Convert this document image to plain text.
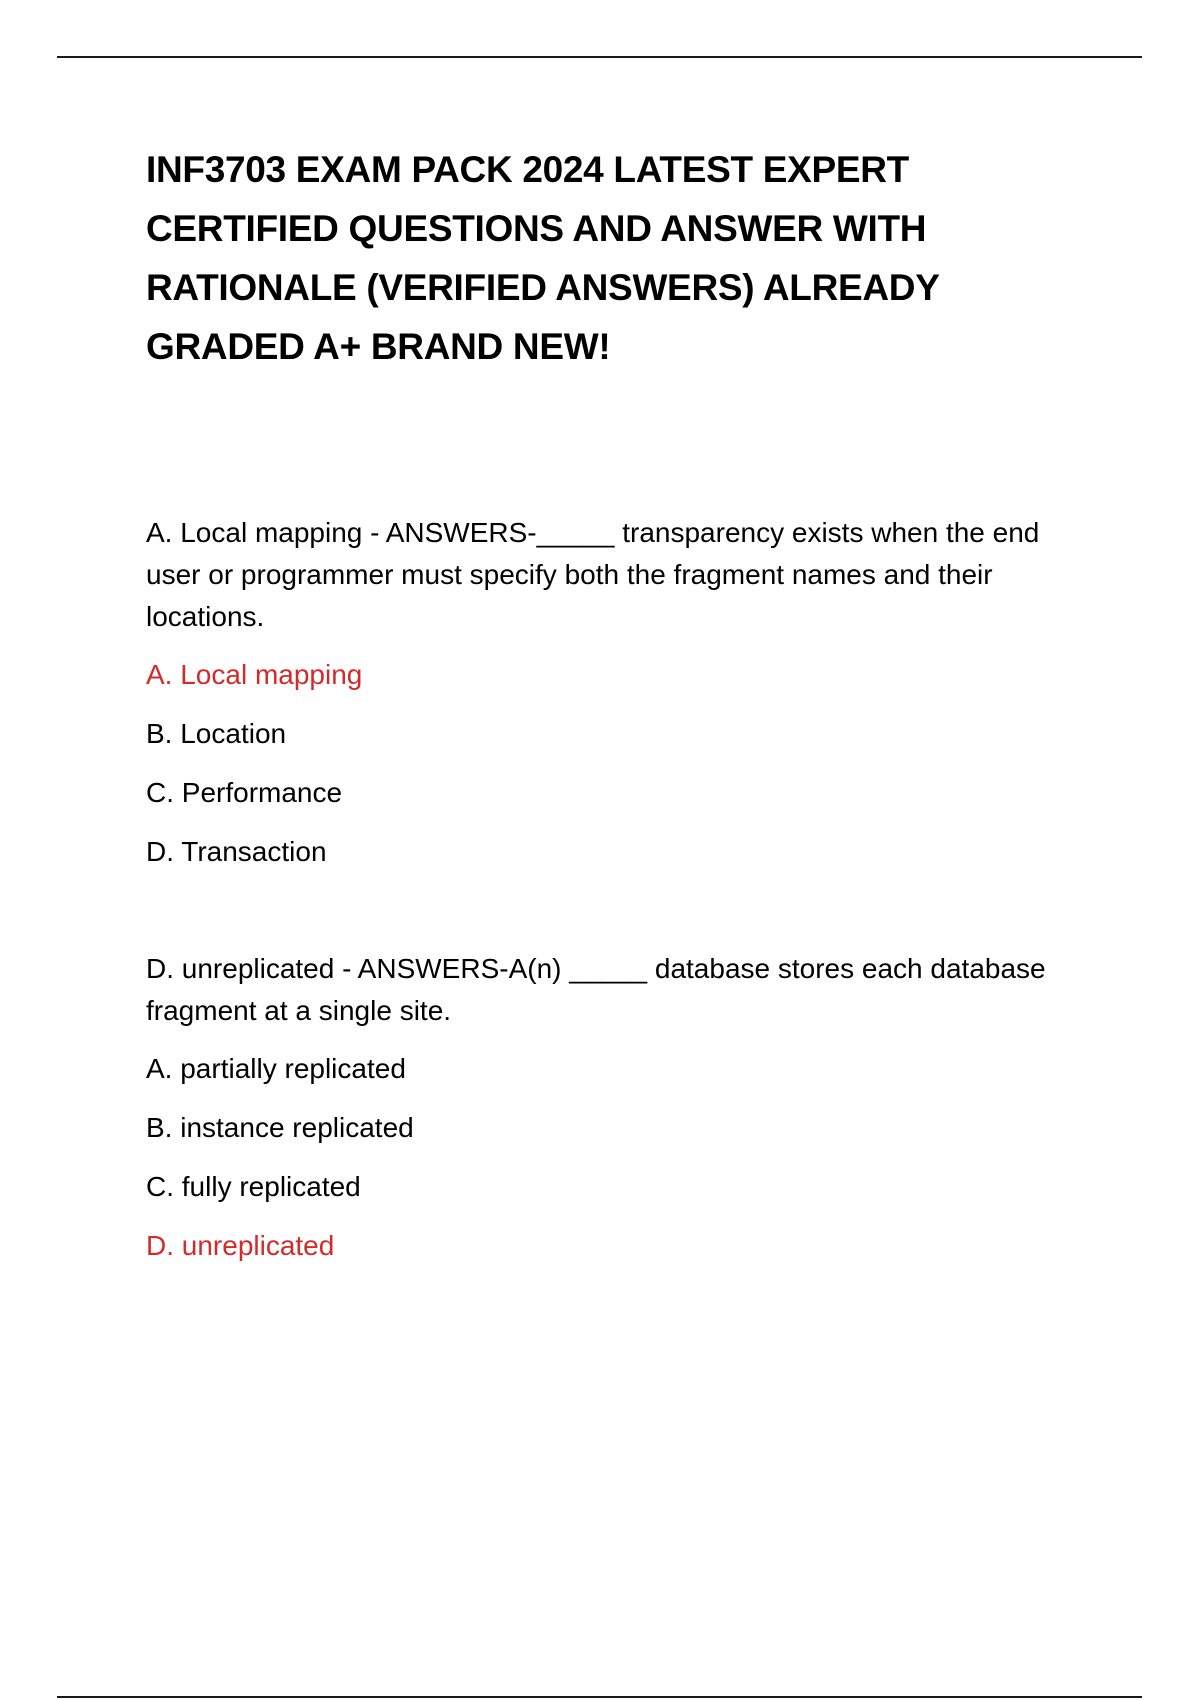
INF3703 EXAM PACK 2024 LATEST EXPERT CERTIFIED QUESTIONS AND ANSWER WITH RATIONALE (VERIFIED ANSWERS) ALREADY GRADED A+ BRAND NEW!

A. Local mapping - ANSWERS-_____ transparency exists when the end user or programmer must specify both the fragment names and their locations.

A. Local mapping
B. Location
C. Performance
D. Transaction

D. unreplicated - ANSWERS-A(n) _____ database stores each database fragment at a single site.

A. partially replicated
B. instance replicated
C. fully replicated
D. unreplicated
